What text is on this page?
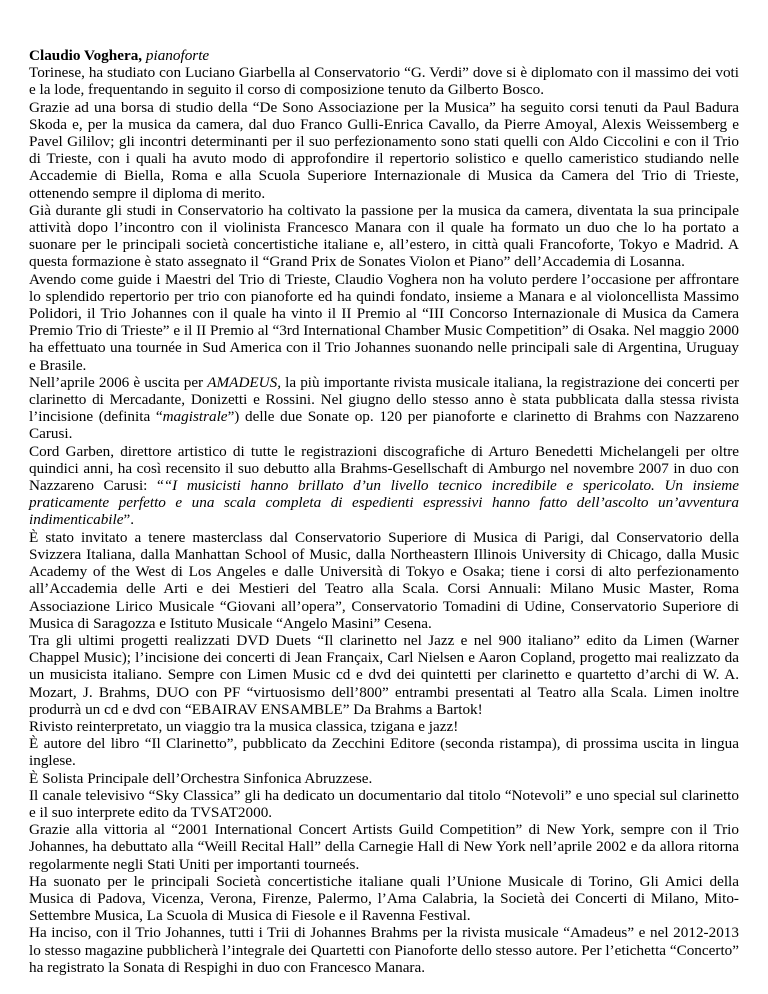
Claudio Voghera, pianoforte

Torinese, ha studiato con Luciano Giarbella al Conservatorio “G. Verdi” dove si è diplomato con il massimo dei voti e la lode, frequentando in seguito il corso di composizione tenuto da Gilberto Bosco.

Grazie ad una borsa di studio della “De Sono Associazione per la Musica” ha seguito corsi tenuti da Paul Badura Skoda e, per la musica da camera, dal duo Franco Gulli-Enrica Cavallo, da Pierre Amoyal, Alexis Weissemberg e Pavel Gililov; gli incontri determinanti per il suo perfezionamento sono stati quelli con Aldo Ciccolini e con il Trio di Trieste, con i quali ha avuto modo di approfondire il repertorio solistico e quello cameristico studiando nelle Accademie di Biella, Roma e alla Scuola Superiore Internazionale di Musica da Camera del Trio di Trieste, ottenendo sempre il diploma di merito.

Già durante gli studi in Conservatorio ha coltivato la passione per la musica da camera, diventata la sua principale attività dopo l’incontro con il violinista Francesco Manara con il quale ha formato un duo che lo ha portato a suonare per le principali società concertistiche italiane e, all’estero, in città quali Francoforte, Tokyo e Madrid. A questa formazione è stato assegnato il “Grand Prix de Sonates Violon et Piano” dell’Accademia di Losanna.

Avendo come guide i Maestri del Trio di Trieste, Claudio Voghera non ha voluto perdere l’occasione per affrontare lo splendido repertorio per trio con pianoforte ed ha quindi fondato, insieme a Manara e al violoncellista Massimo Polidori, il Trio Johannes con il quale ha vinto il II Premio al “III Concorso Internazionale di Musica da Camera Premio Trio di Trieste” e il II Premio al “3rd International Chamber Music Competition” di Osaka. Nel maggio 2000 ha effettuato una tournée in Sud America con il Trio Johannes suonando nelle principali sale di Argentina, Uruguay e Brasile.

Nell’aprile 2006 è uscita per AMADEUS, la più importante rivista musicale italiana, la registrazione dei concerti per clarinetto di Mercadante, Donizetti e Rossini. Nel giugno dello stesso anno è stata pubblicata dalla stessa rivista l’incisione (definita “magistrale”) delle due Sonate op. 120 per pianoforte e clarinetto di Brahms con Nazzareno Carusi.

Cord Garben, direttore artistico di tutte le registrazioni discografiche di Arturo Benedetti Michelangeli per oltre quindici anni, ha così recensito il suo debutto alla Brahms-Gesellschaft di Amburgo nel novembre 2007 in duo con Nazzareno Carusi: ““I musicisti hanno brillato d’un livello tecnico incredibile e spericolato. Un insieme praticamente perfetto e una scala completa di espedienti espressivi hanno fatto dell’ascolto un’avventura indimenticabile”.

È stato invitato a tenere masterclass dal Conservatorio Superiore di Musica di Parigi, dal Conservatorio della Svizzera Italiana, dalla Manhattan School of Music, dalla Northeastern Illinois University di Chicago, dalla Music Academy of the West di Los Angeles e dalle Università di Tokyo e Osaka; tiene i corsi di alto perfezionamento all’Accademia delle Arti e dei Mestieri del Teatro alla Scala. Corsi Annuali: Milano Music Master, Roma Associazione Lirico Musicale “Giovani all’opera”, Conservatorio Tomadini di Udine, Conservatorio Superiore di Musica di Saragozza e Istituto Musicale “Angelo Masini” Cesena.

Tra gli ultimi progetti realizzati DVD Duets “Il clarinetto nel Jazz e nel 900 italiano” edito da Limen (Warner Chappel Music); l’incisione dei concerti di Jean Françaix, Carl Nielsen e Aaron Copland, progetto mai realizzato da un musicista italiano. Sempre con Limen Music cd e dvd dei quintetti per clarinetto e quartetto d’archi di W. A. Mozart, J. Brahms, DUO con PF “virtuosismo dell’800” entrambi presentati al Teatro alla Scala. Limen inoltre produrrà un cd e dvd con “EBAIRAV ENSAMBLE” Da Brahms a Bartok!

Rivisto reinterpretato, un viaggio tra la musica classica, tzigana e jazz!

È autore del libro “Il Clarinetto”, pubblicato da Zecchini Editore (seconda ristampa), di prossima uscita in lingua inglese.

È Solista Principale dell’Orchestra Sinfonica Abruzzese.

Il canale televisivo “Sky Classica” gli ha dedicato un documentario dal titolo “Notevoli” e uno special sul clarinetto e il suo interprete edito da TVSAT2000.

Grazie alla vittoria al “2001 International Concert Artists Guild Competition” di New York, sempre con il Trio Johannes, ha debuttato alla “Weill Recital Hall” della Carnegie Hall di New York nell’aprile 2002 e da allora ritorna regolarmente negli Stati Uniti per importanti tourneés.

Ha suonato per le principali Società concertistiche italiane quali l’Unione Musicale di Torino, Gli Amici della Musica di Padova, Vicenza, Verona, Firenze, Palermo, l’Ama Calabria, la Società dei Concerti di Milano, Mito-Settembre Musica, La Scuola di Musica di Fiesole e il Ravenna Festival.

Ha inciso, con il Trio Johannes, tutti i Trii di Johannes Brahms per la rivista musicale “Amadeus” e nel 2012-2013 lo stesso magazine pubblicherà l’integrale dei Quartetti con Pianoforte dello stesso autore. Per l’etichetta “Concerto” ha registrato la Sonata di Respighi in duo con Francesco Manara.
